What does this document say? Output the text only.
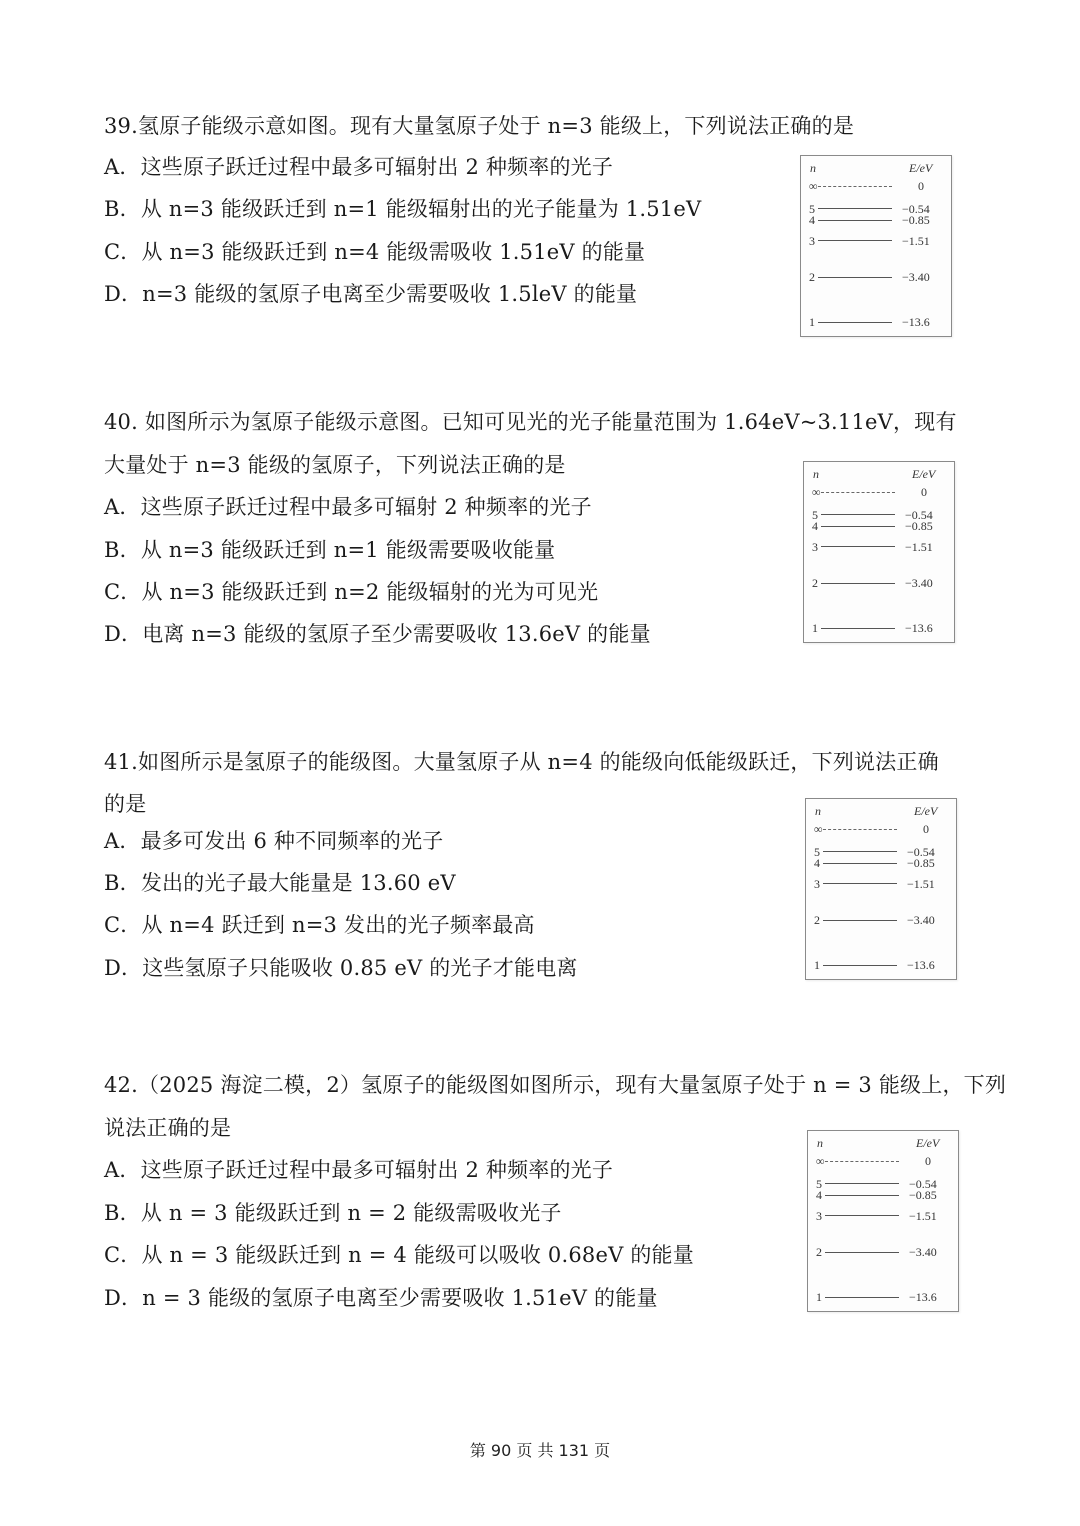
39.氢原子能级示意如图。现有大量氢原子处于 n=3 能级上，下列说法正确的是
A．这些原子跃迁过程中最多可辐射出 2 种频率的光子
B．从 n=3 能级跃迁到 n=1 能级辐射出的光子能量为 1.51eV
C．从 n=3 能级跃迁到 n=4 能级需吸收 1.51eV 的能量
D．n=3 能级的氢原子电离至少需要吸收 1.5leV 的能量
40. 如图所示为氢原子能级示意图。已知可见光的光子能量范围为 1.64eV~3.11eV，现有
大量处于 n=3 能级的氢原子，下列说法正确的是
A．这些原子跃迁过程中最多可辐射 2 种频率的光子
B．从 n=3 能级跃迁到 n=1 能级需要吸收能量
C．从 n=3 能级跃迁到 n=2 能级辐射的光为可见光
D．电离 n=3 能级的氢原子至少需要吸收 13.6eV 的能量
41.如图所示是氢原子的能级图。大量氢原子从 n=4 的能级向低能级跃迁，下列说法正确
的是
A．最多可发出 6 种不同频率的光子
B．发出的光子最大能量是 13.60 eV
C．从 n=4 跃迁到 n=3 发出的光子频率最高
D．这些氢原子只能吸收 0.85 eV 的光子才能电离
42.（2025 海淀二模，2）氢原子的能级图如图所示，现有大量氢原子处于 n = 3 能级上，下列
说法正确的是
A．这些原子跃迁过程中最多可辐射出 2 种频率的光子
B．从 n = 3 能级跃迁到 n = 2 能级需吸收光子
C．从 n = 3 能级跃迁到 n = 4 能级可以吸收 0.68eV 的能量
D．n = 3 能级的氢原子电离至少需要吸收 1.51eV 的能量
n	E/eV
∞	0
5	−0.54
4	−0.85
3	−1.51
2	−3.40
1	−13.6
n	E/eV
∞	0
5	−0.54
4	−0.85
3	−1.51
2	−3.40
1	−13.6
n	E/eV
∞	0
5	−0.54
4	−0.85
3	−1.51
2	−3.40
1	−13.6
n	E/eV
∞	0
5	−0.54
4	−0.85
3	−1.51
2	−3.40
1	−13.6
第 90 页 共 131 页
